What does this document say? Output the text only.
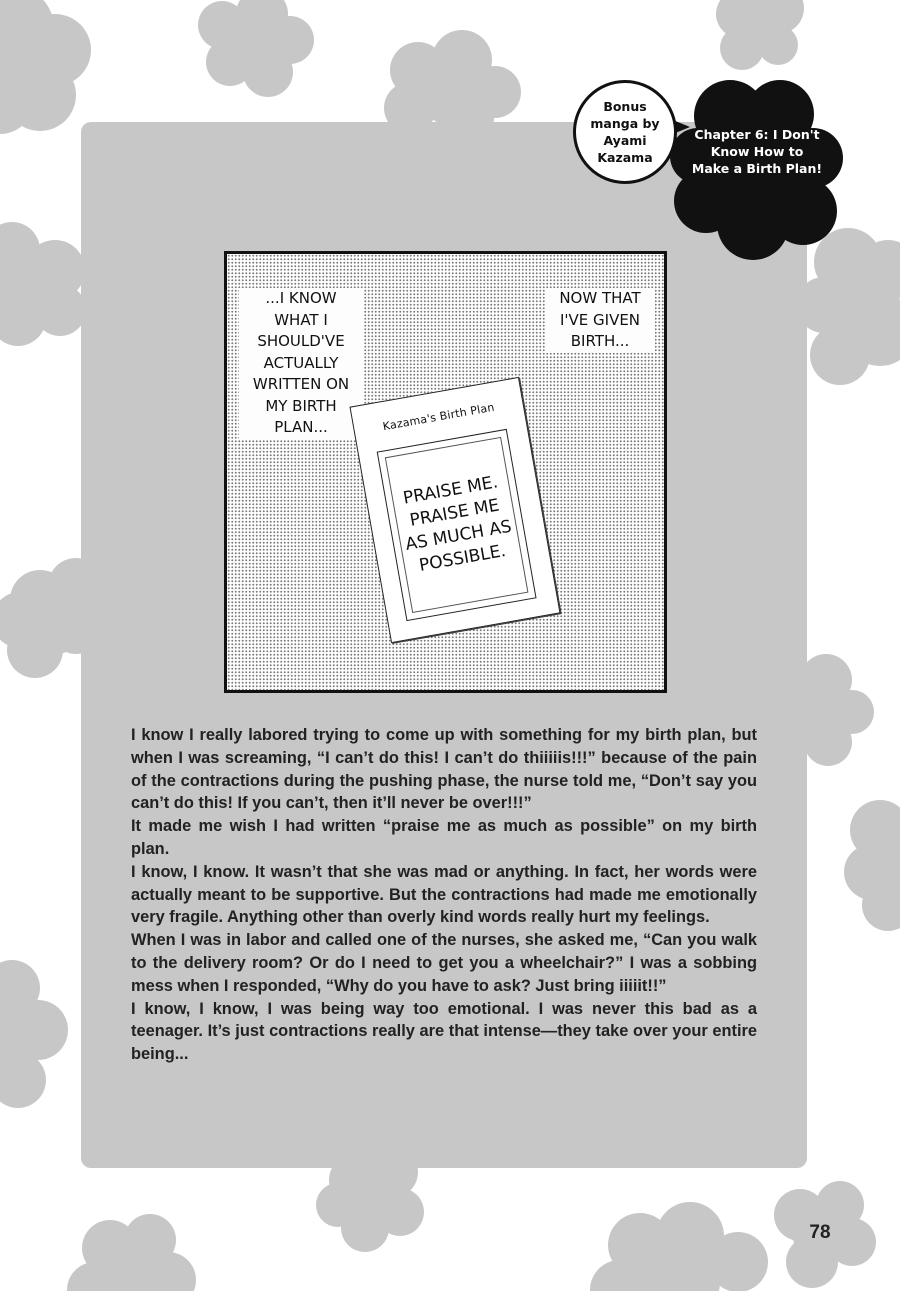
Bonus manga by Ayami Kazama
Chapter 6: I Don't Know How to Make a Birth Plan!
...I KNOW WHAT I SHOULD'VE ACTUALLY WRITTEN ON MY BIRTH PLAN...
NOW THAT I'VE GIVEN BIRTH...
Kazama's Birth Plan
PRAISE ME. PRAISE ME AS MUCH AS POSSIBLE.

I know I really labored trying to come up with something for my birth plan, but when I was screaming, “I can’t do this! I can’t do thiiiiis!!!” because of the pain of the contractions during the pushing phase, the nurse told me, “Don’t say you can’t do this! If you can’t, then it’ll never be over!!!”

It made me wish I had written “praise me as much as possible” on my birth plan.

I know, I know. It wasn’t that she was mad or anything. In fact, her words were actually meant to be supportive. But the contractions had made me emotionally very fragile. Anything other than overly kind words really hurt my feelings.

When I was in labor and called one of the nurses, she asked me, “Can you walk to the delivery room? Or do I need to get you a wheelchair?” I was a sobbing mess when I responded, “Why do you have to ask? Just bring iiiiit!!”

I know, I know, I was being way too emotional. I was never this bad as a teenager. It’s just contractions really are that intense—they take over your entire being...

78
